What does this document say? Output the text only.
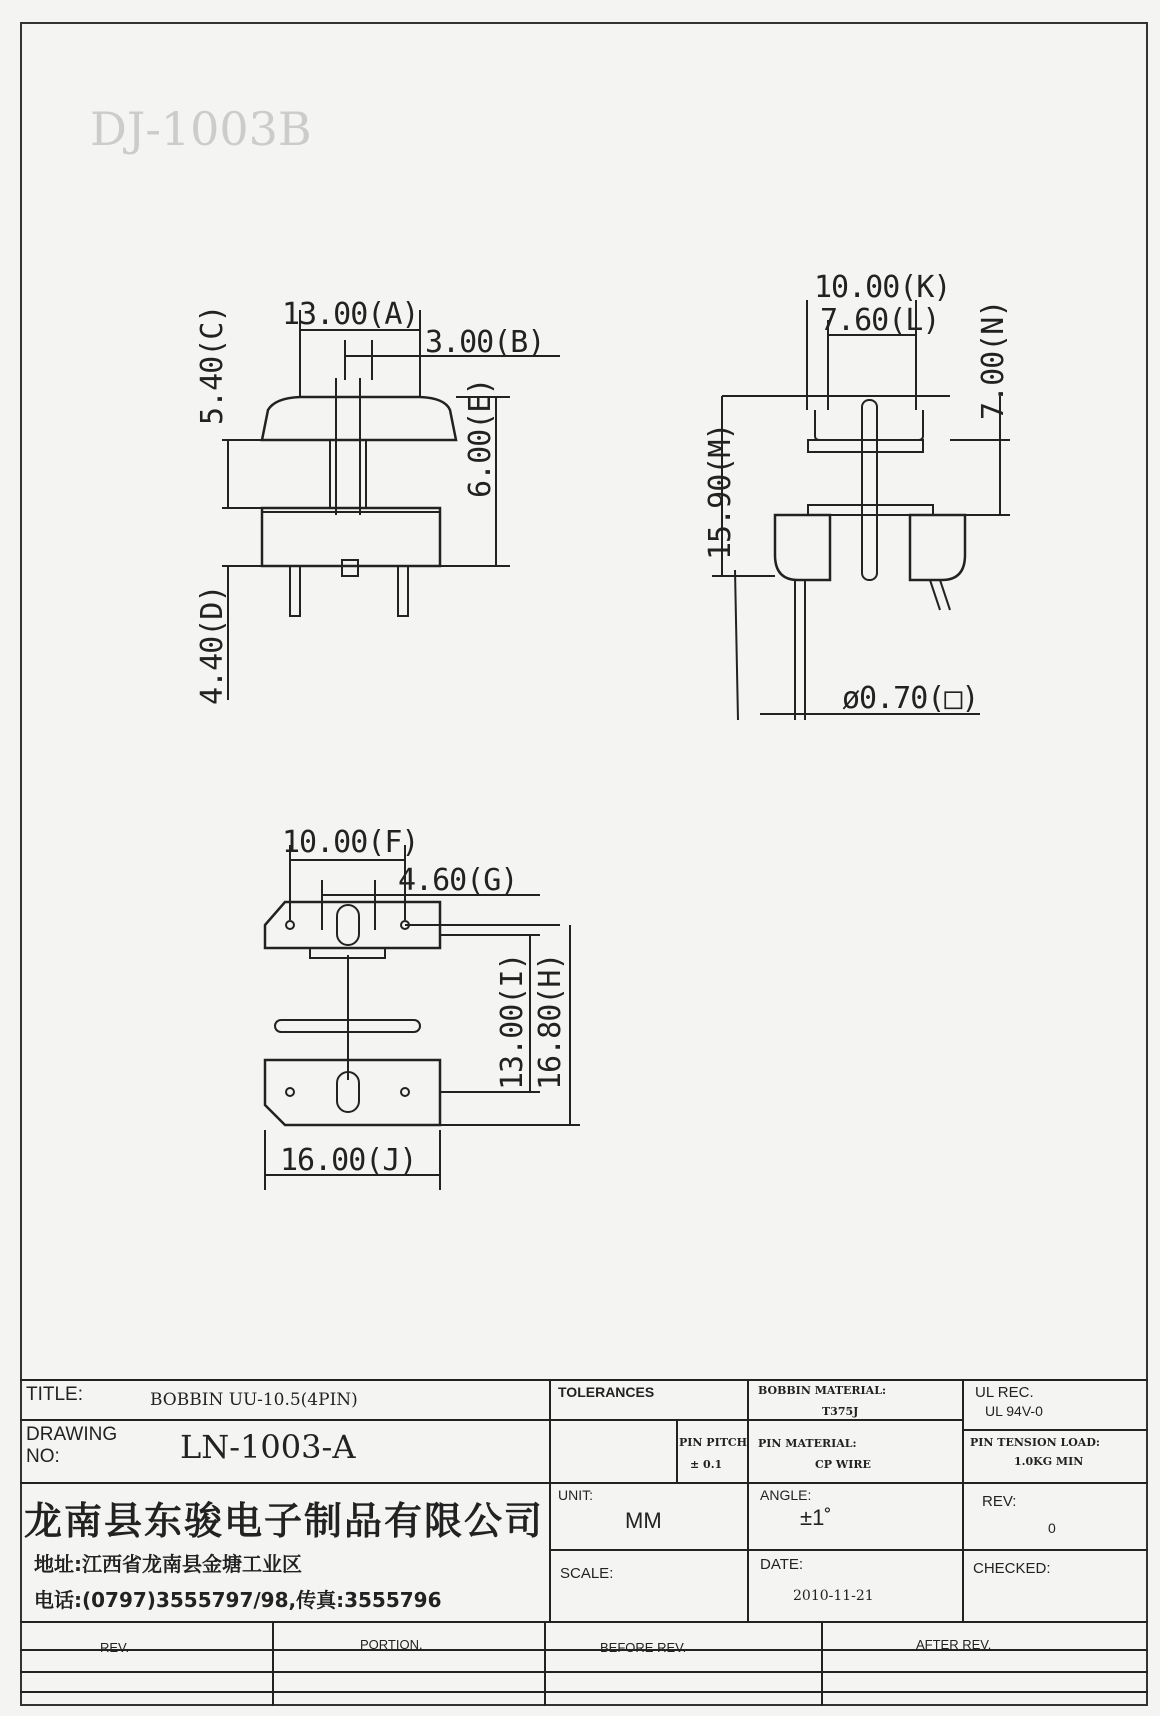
DJ-1003B
13.00(A)
3.00(B)
5.40(C)
4.40(D)
6.00(E)
10.00(K)
7.60(L)
15.90(M)
7.00(N)
ø0.70(□)
10.00(F)
4.60(G)
13.00(I) 16.80(H)
16.00(J)
TITLE:	BOBBIN UU-10.5(4PIN)
DRAWING NO:	LN-1003-A
龙南县东骏电子制品有限公司
地址:江西省龙南县金塘工业区
电话:(0797)3555797/98,传真:3555796
TOLERANCES
PIN PITCH
± 0.1
UNIT:
MM
SCALE:
BOBBIN MATERIAL:
T375J
PIN MATERIAL:
CP WIRE
ANGLE:
±1˚
DATE:
2010-11-21
UL REC.
UL 94V-0
PIN TENSION LOAD:
1.0KG MIN
REV:
0
CHECKED:
REV.	PORTION.	BEFORE REV.	AFTER REV.
